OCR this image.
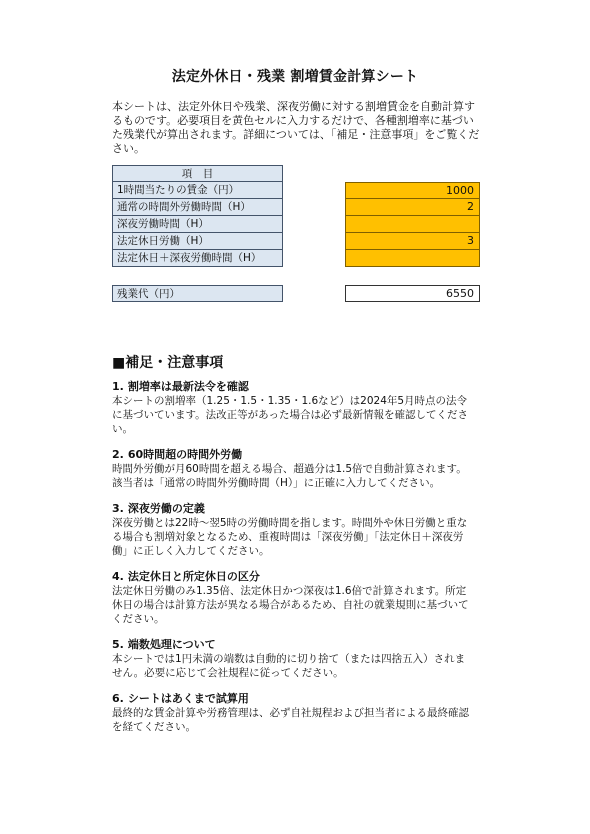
法定外休日・残業 割増賃金計算シート

本シートは、法定外休日や残業、深夜労働に対する割増賃金を自動計算するものです。必要項目を黄色セルに入力するだけで、各種割増率に基づいた残業代が算出されます。詳細については、「補足・注意事項」をご覧ください。

項　目
1時間当たりの賃金（円）
通常の時間外労働時間（H）
深夜労働時間（H）
法定休日労働（H）
法定休日＋深夜労働時間（H）
1000
2
3
残業代（円）	6550
■補足・注意事項

1. 割増率は最新法令を確認

本シートの割増率（1.25・1.5・1.35・1.6など）は2024年5月時点の法令に基づいています。法改正等があった場合は必ず最新情報を確認してください。

2. 60時間超の時間外労働

時間外労働が月60時間を超える場合、超過分は1.5倍で自動計算されます。該当者は「通常の時間外労働時間（H）」に正確に入力してください。

3. 深夜労働の定義

深夜労働とは22時～翌5時の労働時間を指します。時間外や休日労働と重なる場合も割増対象となるため、重複時間は「深夜労働」「法定休日＋深夜労働」に正しく入力してください。

4. 法定休日と所定休日の区分

法定休日労働のみ1.35倍、法定休日かつ深夜は1.6倍で計算されます。所定休日の場合は計算方法が異なる場合があるため、自社の就業規則に基づいてください。

5. 端数処理について

本シートでは1円未満の端数は自動的に切り捨て（または四捨五入）されません。必要に応じて会社規程に従ってください。

6. シートはあくまで試算用

最終的な賃金計算や労務管理は、必ず自社規程および担当者による最終確認を経てください。
